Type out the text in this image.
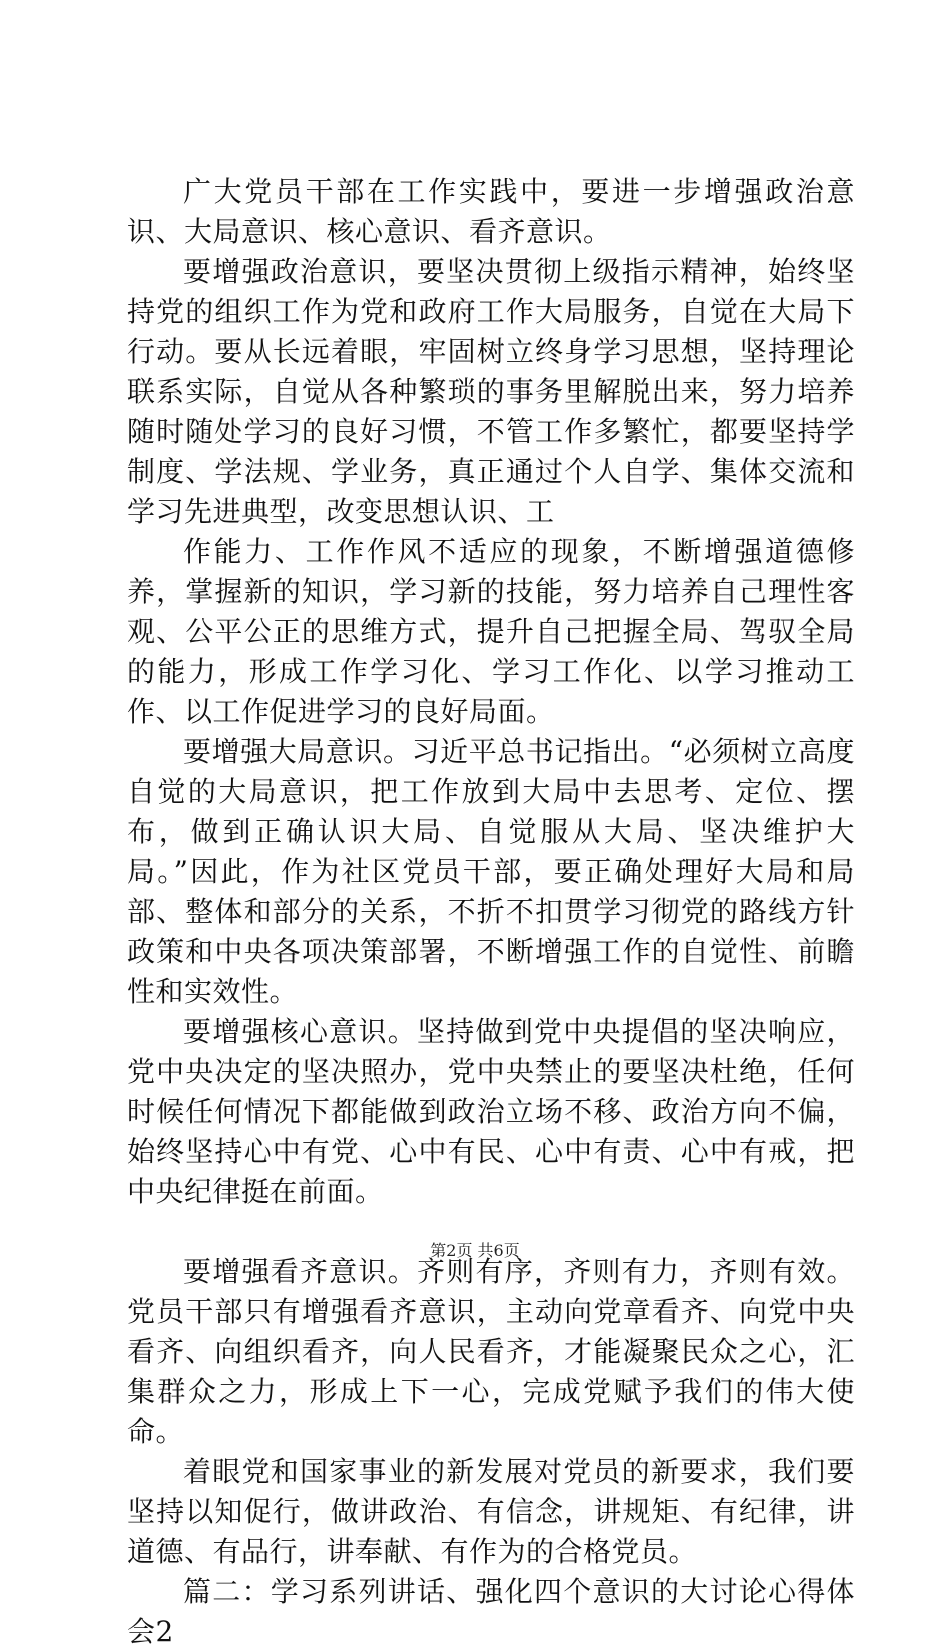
广大党员干部在工作实践中，要进一步增强政治意识、大局意识、核心意识、看齐意识。

要增强政治意识，要坚决贯彻上级指示精神，始终坚持党的组织工作为党和政府工作大局服务，自觉在大局下行动。要从长远着眼，牢固树立终身学习思想，坚持理论联系实际，自觉从各种繁琐的事务里解脱出来，努力培养随时随处学习的良好习惯，不管工作多繁忙，都要坚持学制度、学法规、学业务，真正通过个人自学、集体交流和学习先进典型，改变思想认识、工

作能力、工作作风不适应的现象，不断增强道德修养，掌握新的知识，学习新的技能，努力培养自己理性客观、公平公正的思维方式，提升自己把握全局、驾驭全局的能力，形成工作学习化、学习工作化、以学习推动工作、以工作促进学习的良好局面。

要增强大局意识。习近平总书记指出。“必须树立高度自觉的大局意识，把工作放到大局中去思考、定位、摆布，做到正确认识大局、自觉服从大局、坚决维护大局。”因此，作为社区党员干部，要正确处理好大局和局部、整体和部分的关系，不折不扣贯学习彻党的路线方针政策和中央各项决策部署，不断增强工作的自觉性、前瞻性和实效性。

要增强核心意识。坚持做到党中央提倡的坚决响应，党中央决定的坚决照办，党中央禁止的要坚决杜绝，任何时候任何情况下都能做到政治立场不移、政治方向不偏，始终坚持心中有党、心中有民、心中有责、心中有戒，把中央纪律挺在前面。

要增强看齐意识。齐则有序，齐则有力，齐则有效。党员干部只有增强看齐意识，主动向党章看齐、向党中央看齐、向组织看齐，向人民看齐，才能凝聚民众之心，汇集群众之力，形成上下一心，完成党赋予我们的伟大使命。

着眼党和国家事业的新发展对党员的新要求，我们要坚持以知促行，做讲政治、有信念，讲规矩、有纪律，讲道德、有品行，讲奉献、有作为的合格党员。

篇二：学习系列讲话、强化四个意识的大讨论心得体会2

第2页 共6页
